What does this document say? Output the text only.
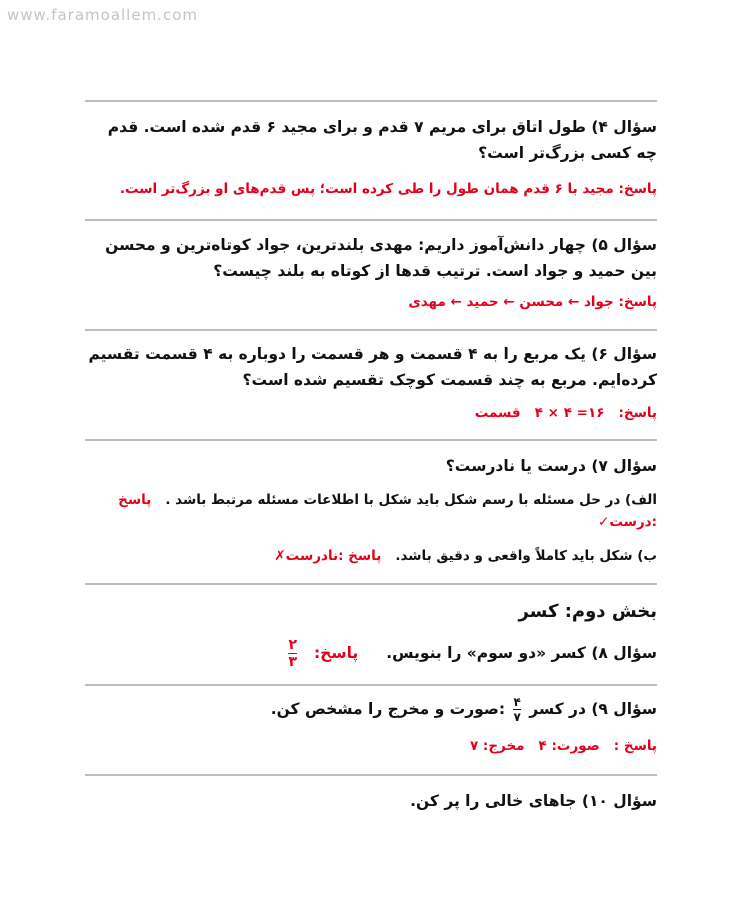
www.faramoallem.com
سؤال ۴) طول اتاق برای مریم ۷ قدم و برای مجید ۶ قدم شده است. قدم چه کسی بزرگ‌تر است؟
پاسخ: مجید با ۶ قدم همان طول را طی کرده است؛ پس قدم‌های او بزرگ‌تر است.
سؤال ۵) چهار دانش‌آموز داریم: مهدی بلندترین، جواد کوتاه‌ترین و محسن بین حمید و جواد است. ترتیب قدها از کوتاه به بلند چیست؟
پاسخ: جواد ← محسن ← حمید ← مهدی
سؤال ۶) یک مربع را به ۴ قسمت و هر قسمت را دوباره به ۴ قسمت تقسیم کرده‌ایم. مربع به چند قسمت کوچک تقسیم شده است؟
پاسخ:۱۶= ۴ × ۴   قسمت
سؤال ۷) درست یا نادرست؟
الف) در حل مسئله با رسم شکل باید شکل با اطلاعات مسئله مرتبط باشد .پاسخ :درست✓
ب) شکل باید کاملاً واقعی و دقیق باشد.پاسخ :نادرست✗
بخش دوم: کسر
سؤال ۸) کسر «دو سوم» را بنویس.پاسخ:
$\frac{۲}{۳}$
سؤال ۹) در کسر
$\frac{۴}{۷}$
:صورت و مخرج را مشخص کن.
پاسخ :صورت: ۴مخرج: ۷
سؤال ۱۰) جاهای خالی را پر کن.
